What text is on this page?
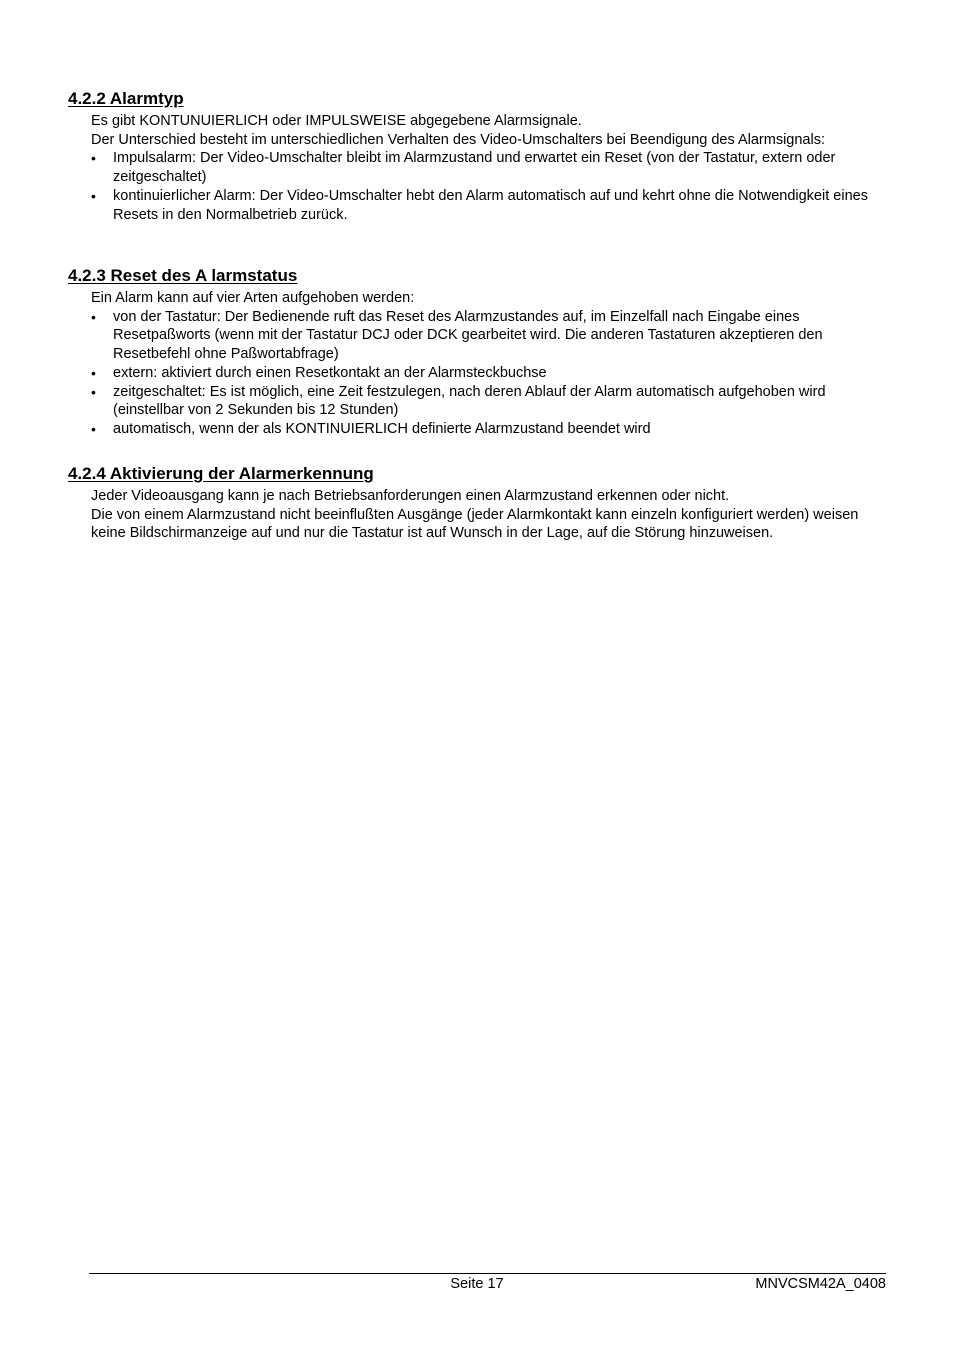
4.2.2 Alarmtyp

Es gibt KONTUNUIERLICH oder IMPULSWEISE abgegebene Alarmsignale.

Der Unterschied besteht im unterschiedlichen Verhalten des Video-Umschalters bei Beendigung des Alarmsignals:

• Impulsalarm: Der Video-Umschalter bleibt im Alarmzustand und erwartet ein Reset (von der Tastatur, extern oder zeitgeschaltet)
• kontinuierlicher Alarm: Der Video-Umschalter hebt den Alarm automatisch auf und kehrt ohne die Notwendigkeit eines Resets in den Normalbetrieb zurück.
4.2.3 Reset des A larmstatus

Ein Alarm kann auf vier Arten aufgehoben werden:

• von der Tastatur: Der Bedienende ruft das Reset des Alarmzustandes auf, im Einzelfall nach Eingabe eines Resetpaßworts (wenn mit der Tastatur DCJ oder DCK gearbeitet wird. Die anderen Tastaturen akzeptieren den Resetbefehl ohne Paßwortabfrage)
• extern: aktiviert durch einen Resetkontakt an der Alarmsteckbuchse
• zeitgeschaltet: Es ist möglich, eine Zeit festzulegen, nach deren Ablauf der Alarm automatisch aufgehoben wird (einstellbar von 2 Sekunden bis 12 Stunden)
• automatisch, wenn der als KONTINUIERLICH definierte Alarmzustand beendet wird
4.2.4 Aktivierung der Alarmerkennung

Jeder Videoausgang kann je nach Betriebsanforderungen einen Alarmzustand erkennen oder nicht.

Die von einem Alarmzustand nicht beeinflußten Ausgänge (jeder Alarmkontakt kann einzeln konfiguriert werden) weisen keine Bildschirmanzeige auf und nur die Tastatur ist auf Wunsch in der Lage, auf die Störung hinzuweisen.

Seite 17	MNVCSM42A_0408
